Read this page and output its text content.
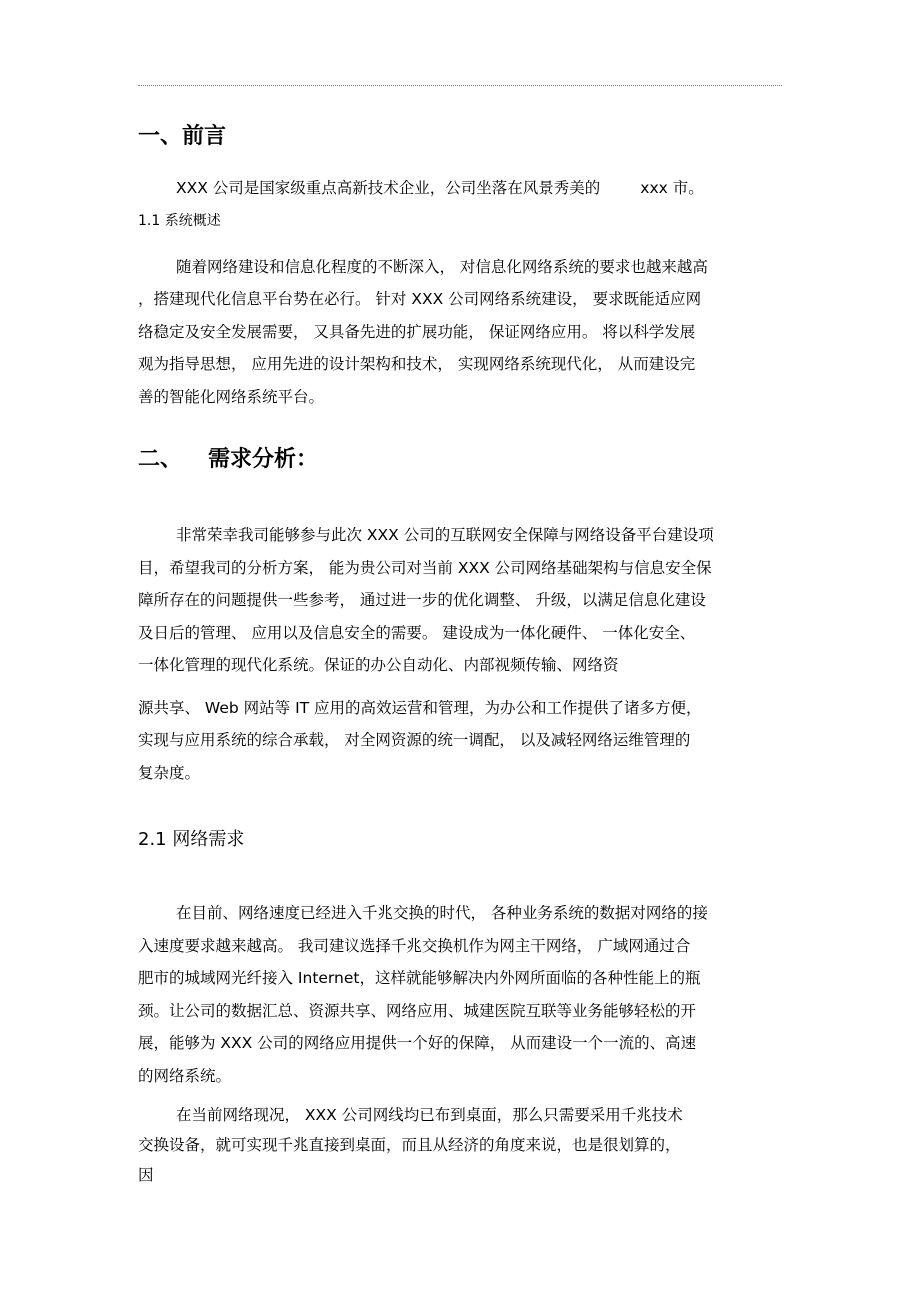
一、前言

XXX 公司是国家级重点高新技术企业，公司坐落在风景秀美的	xxx 市。

1.1 系统概述

随着网络建设和信息化程度的不断深入， 对信息化网络系统的要求也越来越高
，搭建现代化信息平台势在必行。 针对 XXX 公司网络系统建设， 要求既能适应网
络稳定及安全发展需要， 又具备先进的扩展功能， 保证网络应用。 将以科学发展
观为指导思想， 应用先进的设计架构和技术， 实现网络系统现代化， 从而建设完
善的智能化网络系统平台。

二、 需求分析：

非常荣幸我司能够参与此次 XXX 公司的互联网安全保障与网络设备平台建设项
目，希望我司的分析方案， 能为贵公司对当前 XXX 公司网络基础架构与信息安全保
障所存在的问题提供一些参考， 通过进一步的优化调整、 升级，以满足信息化建设
及日后的管理、 应用以及信息安全的需要。 建设成为一体化硬件、 一体化安全、
一体化管理的现代化系统。保证的办公自动化、内部视频传输、网络资

源共享、 Web 网站等 IT 应用的高效运营和管理，为办公和工作提供了诸多方便，
实现与应用系统的综合承载， 对全网资源的统一调配， 以及减轻网络运维管理的
复杂度。

2.1 网络需求

在目前、网络速度已经进入千兆交换的时代， 各种业务系统的数据对网络的接
入速度要求越来越高。 我司建议选择千兆交换机作为网主干网络， 广域网通过合
肥市的城域网光纤接入 Internet，这样就能够解决内外网所面临的各种性能上的瓶
颈。让公司的数据汇总、资源共享、网络应用、城建医院互联等业务能够轻松的开
展，能够为 XXX 公司的网络应用提供一个好的保障， 从而建设一个一流的、高速
的网络系统。

在当前网络现况， XXX 公司网线均已布到桌面，那么只需要采用千兆技术
交换设备，就可实现千兆直接到桌面，而且从经济的角度来说，也是很划算的，
因
